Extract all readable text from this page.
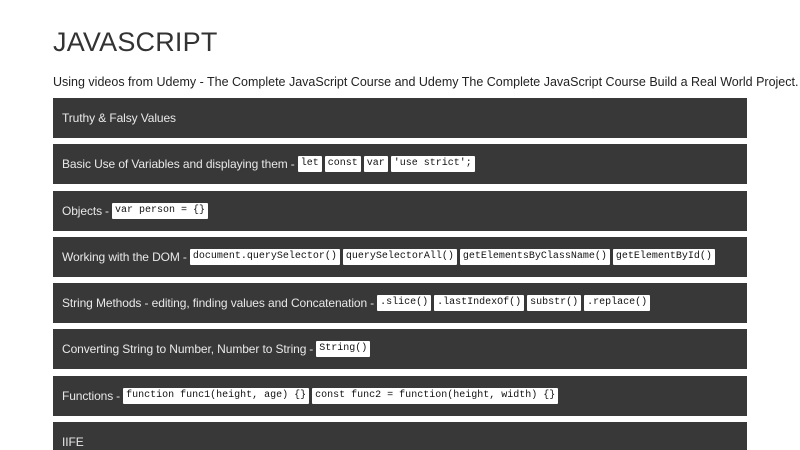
JAVASCRIPT

Using videos from Udemy - The Complete JavaScript Course and Udemy The Complete JavaScript Course Build a Real World Project.

Truthy & Falsy Values
Basic Use of Variables and displaying them - let const var 'use strict';
Objects - var person = {}
Working with the DOM - document.querySelector() querySelectorAll() getElementsByClassName() getElementById()
String Methods - editing, finding values and Concatenation - .slice() .lastIndexOf() substr() .replace()
Converting String to Number, Number to String - String()
Functions - function func1(height, age) {} const func2 = function(height, width) {}
IIFE
